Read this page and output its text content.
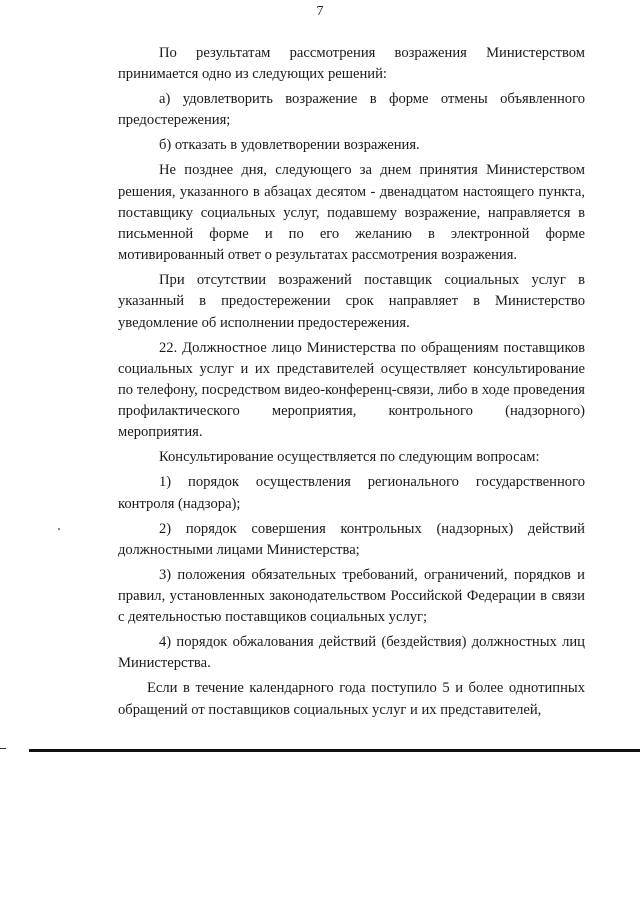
7

По результатам рассмотрения возражения Министерством принимается одно из следующих решений:

а) удовлетворить возражение в форме отмены объявленного предостережения;

б) отказать в удовлетворении возражения.

Не позднее дня, следующего за днем принятия Министерством решения, указанного в абзацах десятом - двенадцатом настоящего пункта, поставщику социальных услуг, подавшему возражение, направляется в письменной форме и по его желанию в электронной форме мотивированный ответ о результатах рассмотрения возражения.

При отсутствии возражений поставщик социальных услуг в указанный в предостережении срок направляет в Министерство уведомление об исполнении предостережения.

22. Должностное лицо Министерства по обращениям поставщиков социальных услуг и их представителей осуществляет консультирование по телефону, посредством видео-конференц-связи, либо в ходе проведения профилактического мероприятия, контрольного (надзорного) мероприятия.

Консультирование осуществляется по следующим вопросам:

1) порядок осуществления регионального государственного контроля (надзора);

2) порядок совершения контрольных (надзорных) действий должностными лицами Министерства;

3) положения обязательных требований, ограничений, порядков и правил, установленных законодательством Российской Федерации в связи с деятельностью поставщиков социальных услуг;

4) порядок обжалования действий (бездействия) должностных лиц Министерства.

Если в течение календарного года поступило 5 и более однотипных обращений от поставщиков социальных услуг и их представителей,
